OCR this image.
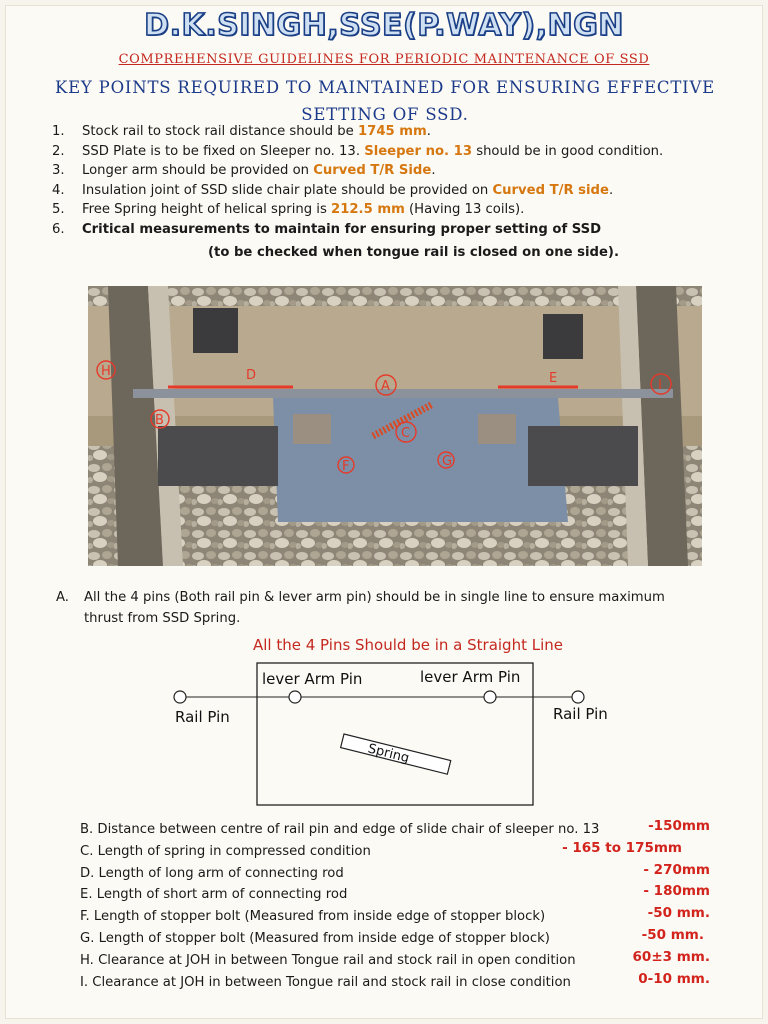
D.K.SINGH,SSE(P.WAY),NGN
COMPREHENSIVE GUIDELINES FOR PERIODIC MAINTENANCE OF SSD
KEY POINTS REQUIRED TO MAINTAINED FOR ENSURING EFFECTIVE
SETTING OF SSD.
1. Stock rail to stock rail distance should be 1745 mm.
2. SSD Plate is to be fixed on Sleeper no. 13. Sleeper no. 13 should be in good condition.
3. Longer arm should be provided on Curved T/R Side.
4. Insulation joint of SSD slide chair plate should be provided on Curved T/R side.
5. Free Spring height of helical spring is 212.5 mm (Having 13 coils).
6. Critical measurements to maintain for ensuring proper setting of SSD
(to be checked when tongue rail is closed on one side).
A
B
C
D	E
F	G
H
I
A. All the 4 pins (Both rail pin & lever arm pin) should be in single line to ensure maximum thrust from SSD Spring.
All the 4 Pins Should be in a Straight Line
lever Arm Pin	lever Arm Pin
Rail Pin	Rail Pin
Spring
B. Distance between centre of rail pin and edge of slide chair of sleeper no. 13	-150mm
C. Length of spring in compressed condition	- 165 to 175mm
D. Length of long arm of connecting rod	- 270mm
E. Length of short arm of connecting rod	- 180mm
F. Length of stopper bolt (Measured from inside edge of stopper block)	-50 mm.
G. Length of stopper bolt (Measured from inside edge of stopper block)	-50 mm.
H. Clearance at JOH in between Tongue rail and stock rail in open condition	60±3 mm.
I. Clearance at JOH in between Tongue rail and stock rail in close condition	0-10 mm.
